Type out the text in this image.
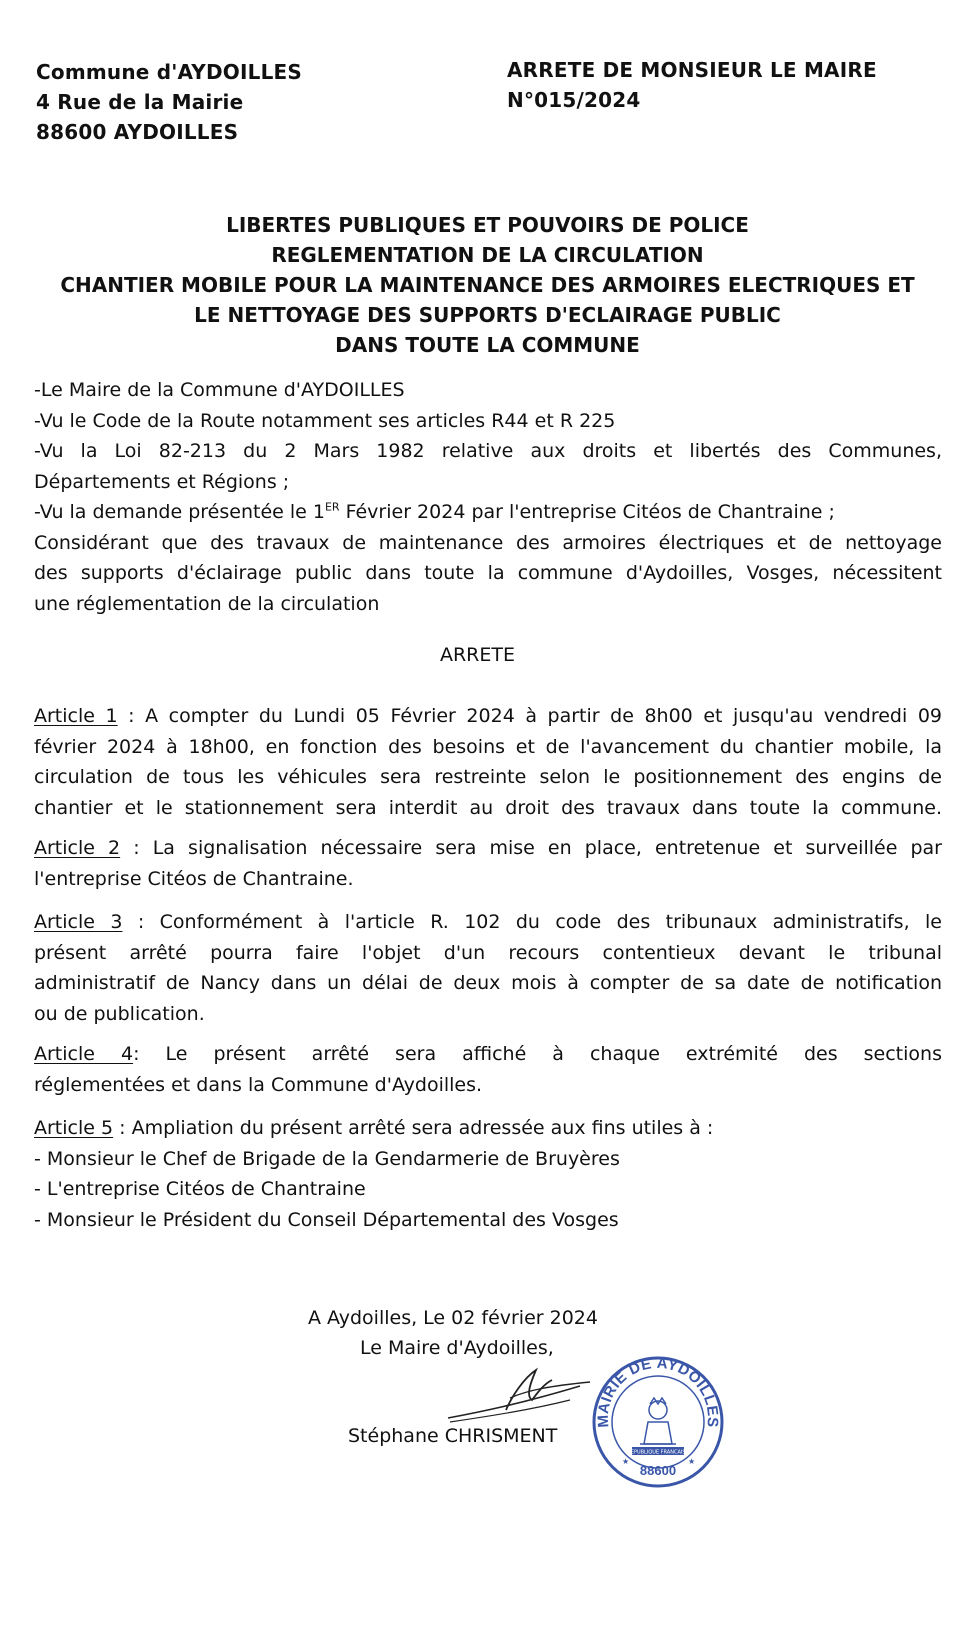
Commune d'AYDOILLES
4 Rue de la Mairie
88600 AYDOILLES
ARRETE DE MONSIEUR LE MAIRE
N°015/2024
LIBERTES PUBLIQUES ET POUVOIRS DE POLICE
REGLEMENTATION DE LA CIRCULATION
CHANTIER MOBILE POUR LA MAINTENANCE DES ARMOIRES ELECTRIQUES ET
LE NETTOYAGE DES SUPPORTS D'ECLAIRAGE PUBLIC
DANS TOUTE LA COMMUNE
-Le Maire de la Commune d'AYDOILLES
-Vu le Code de la Route notamment ses articles R44 et R 225
-Vu la Loi 82-213 du 2 Mars 1982 relative aux droits et libertés des Communes,
Départements et Régions ;
-Vu la demande présentée le 1ER Février 2024 par l'entreprise Citéos de Chantraine ;
Considérant que des travaux de maintenance des armoires électriques et de nettoyage
des supports d'éclairage public dans toute la commune d'Aydoilles, Vosges, nécessitent
une réglementation de la circulation
ARRETE
Article 1 : A compter du Lundi 05 Février 2024 à partir de 8h00 et jusqu'au vendredi 09
février 2024 à 18h00, en fonction des besoins et de l'avancement du chantier mobile, la
circulation de tous les véhicules sera restreinte selon le positionnement des engins de
chantier et le stationnement sera interdit au droit des travaux dans toute la commune.
Article 2 : La signalisation nécessaire sera mise en place, entretenue et surveillée par
l'entreprise Citéos de Chantraine.
Article 3 : Conformément à l'article R. 102 du code des tribunaux administratifs, le
présent arrêté pourra faire l'objet d'un recours contentieux devant le tribunal
administratif de Nancy dans un délai de deux mois à compter de sa date de notification
ou de publication.
Article 4: Le présent arrêté sera affiché à chaque extrémité des sections
réglementées et dans la Commune d'Aydoilles.
Article 5 : Ampliation du présent arrêté sera adressée aux fins utiles à :
- Monsieur le Chef de Brigade de la Gendarmerie de Bruyères
- L'entreprise Citéos de Chantraine
- Monsieur le Président du Conseil Départemental des Vosges
A Aydoilles, Le 02 février 2024
Le Maire d'Aydoilles,
Stéphane CHRISMENT
MAIRIE DE AYDOILLES
REPUBLIQUE FRANCAISE
88600
★	★
